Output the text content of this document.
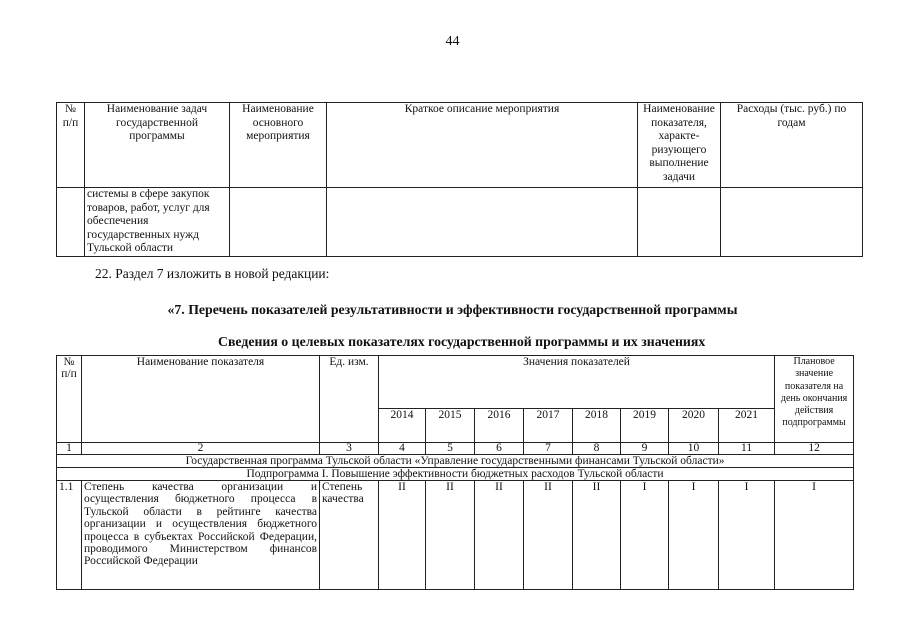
44
№ п/п	Наименование задач государственной программы	Наименование основного мероприятия	Краткое описание мероприятия	Наименование показателя, характе-ризующего выполнение задачи	Расходы (тыс. руб.) по годам
	системы в сфере закупок товаров, работ, услуг для обеспечения государственных нужд Тульской области				
22. Раздел 7 изложить в новой редакции:
«7. Перечень показателей результативности и эффективности государственной программы
Сведения о целевых показателях государственной программы и их значениях
№ п/п	Наименование показателя	Ед. изм.	Значения показателей								Плановое значение показателя на день окончания действия подпрограммы
			2014	2015	2016	2017	2018	2019	2020	2021	
1	2	3	4	5	6	7	8	9	10	11	12
Государственная программа Тульской области «Управление государственными финансами Тульской области»											
Подпрограмма I. Повышение эффективности бюджетных расходов Тульской области											
1.1	Степень качества организации и осуществления бюджетного процесса в Тульской области в рейтинге качества организации и осуществления бюджетного процесса в субъектах Российской Федерации, проводимого Министерством финансов Российской Федерации	Степень качества	II	II	II	II	II	I	I	I	I
